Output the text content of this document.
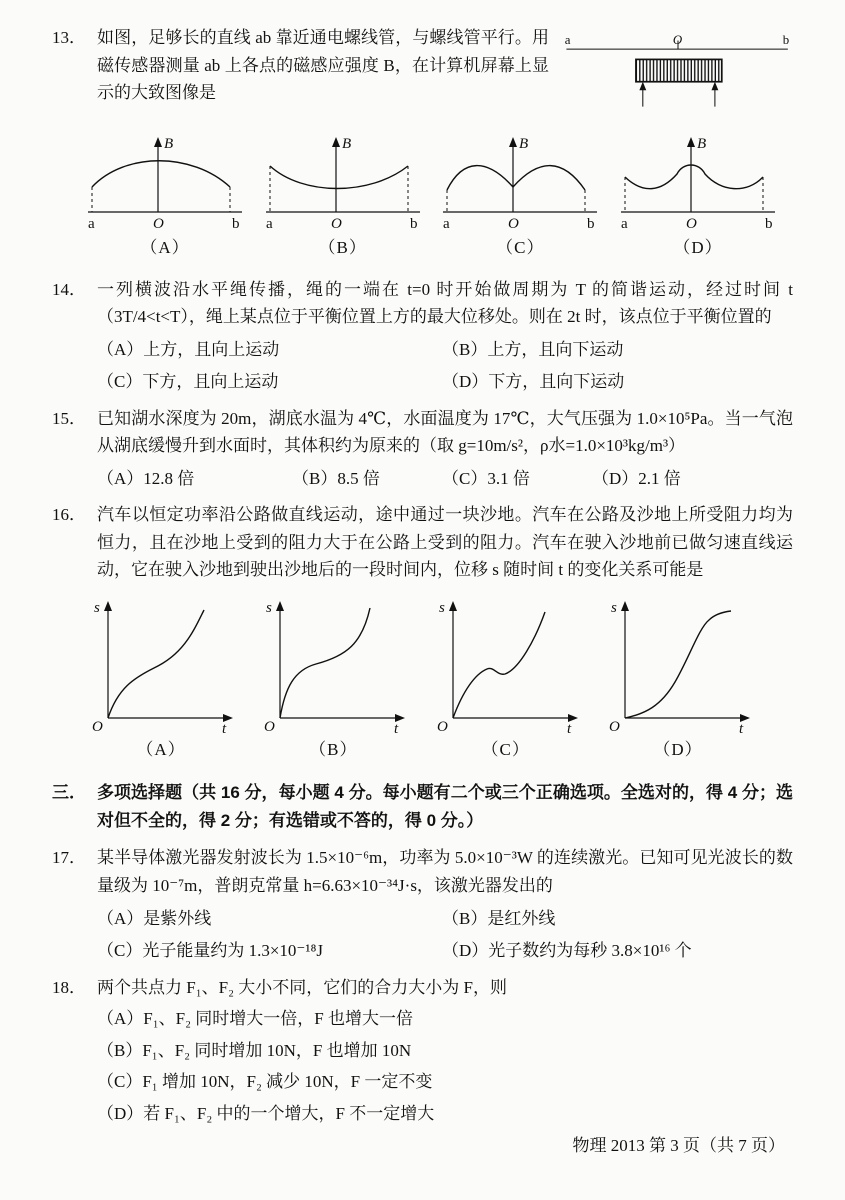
13． 如图，足够长的直线 ab 靠近通电螺线管，与螺线管平行。用磁传感器测量 ab 上各点的磁感应强度 B，在计算机屏幕上显示的大致图像是

a	O	b
B
a	O	b
（A）
B
a	O	b
（B）
B
a	O	b
（C）
B
a	O	b
（D）
14． 一列横波沿水平绳传播，绳的一端在 t=0 时开始做周期为 T 的简谐运动，经过时间 t（3T/4<t<T），绳上某点位于平衡位置上方的最大位移处。则在 2t 时，该点位于平衡位置的

（A）上方，且向上运动	（B）上方，且向下运动
（C）下方，且向上运动	（D）下方，且向下运动
15． 已知湖水深度为 20m，湖底水温为 4℃，水面温度为 17℃，大气压强为 1.0×10⁵Pa。当一气泡从湖底缓慢升到水面时，其体积约为原来的（取 g=10m/s²，ρ水=1.0×10³kg/m³）

（A）12.8 倍	（B）8.5 倍	（C）3.1 倍	（D）2.1 倍
16． 汽车以恒定功率沿公路做直线运动，途中通过一块沙地。汽车在公路及沙地上所受阻力均为恒力，且在沙地上受到的阻力大于在公路上受到的阻力。汽车在驶入沙地前已做匀速直线运动，它在驶入沙地到驶出沙地后的一段时间内，位移 s 随时间 t 的变化关系可能是

s
t
O
（A）
s
t
O
（B）
s
t
O
（C）
s
t
O
（D）
三． 多项选择题（共 16 分，每小题 4 分。每小题有二个或三个正确选项。全选对的，得 4 分；选对但不全的，得 2 分；有选错或不答的，得 0 分。）

17． 某半导体激光器发射波长为 1.5×10⁻⁶m，功率为 5.0×10⁻³W 的连续激光。已知可见光波长的数量级为 10⁻⁷m，普朗克常量 h=6.63×10⁻³⁴J·s，该激光器发出的

（A）是紫外线	（B）是红外线
（C）光子能量约为 1.3×10⁻¹⁸J	（D）光子数约为每秒 3.8×10¹⁶ 个
18． 两个共点力 F₁、F₂ 大小不同，它们的合力大小为 F，则

（A）F₁、F₂ 同时增大一倍，F 也增大一倍
（B）F₁、F₂ 同时增加 10N，F 也增加 10N
（C）F₁ 增加 10N，F₂ 减少 10N，F 一定不变
（D）若 F₁、F₂ 中的一个增大，F 不一定增大
物理 2013 第 3 页（共 7 页）
